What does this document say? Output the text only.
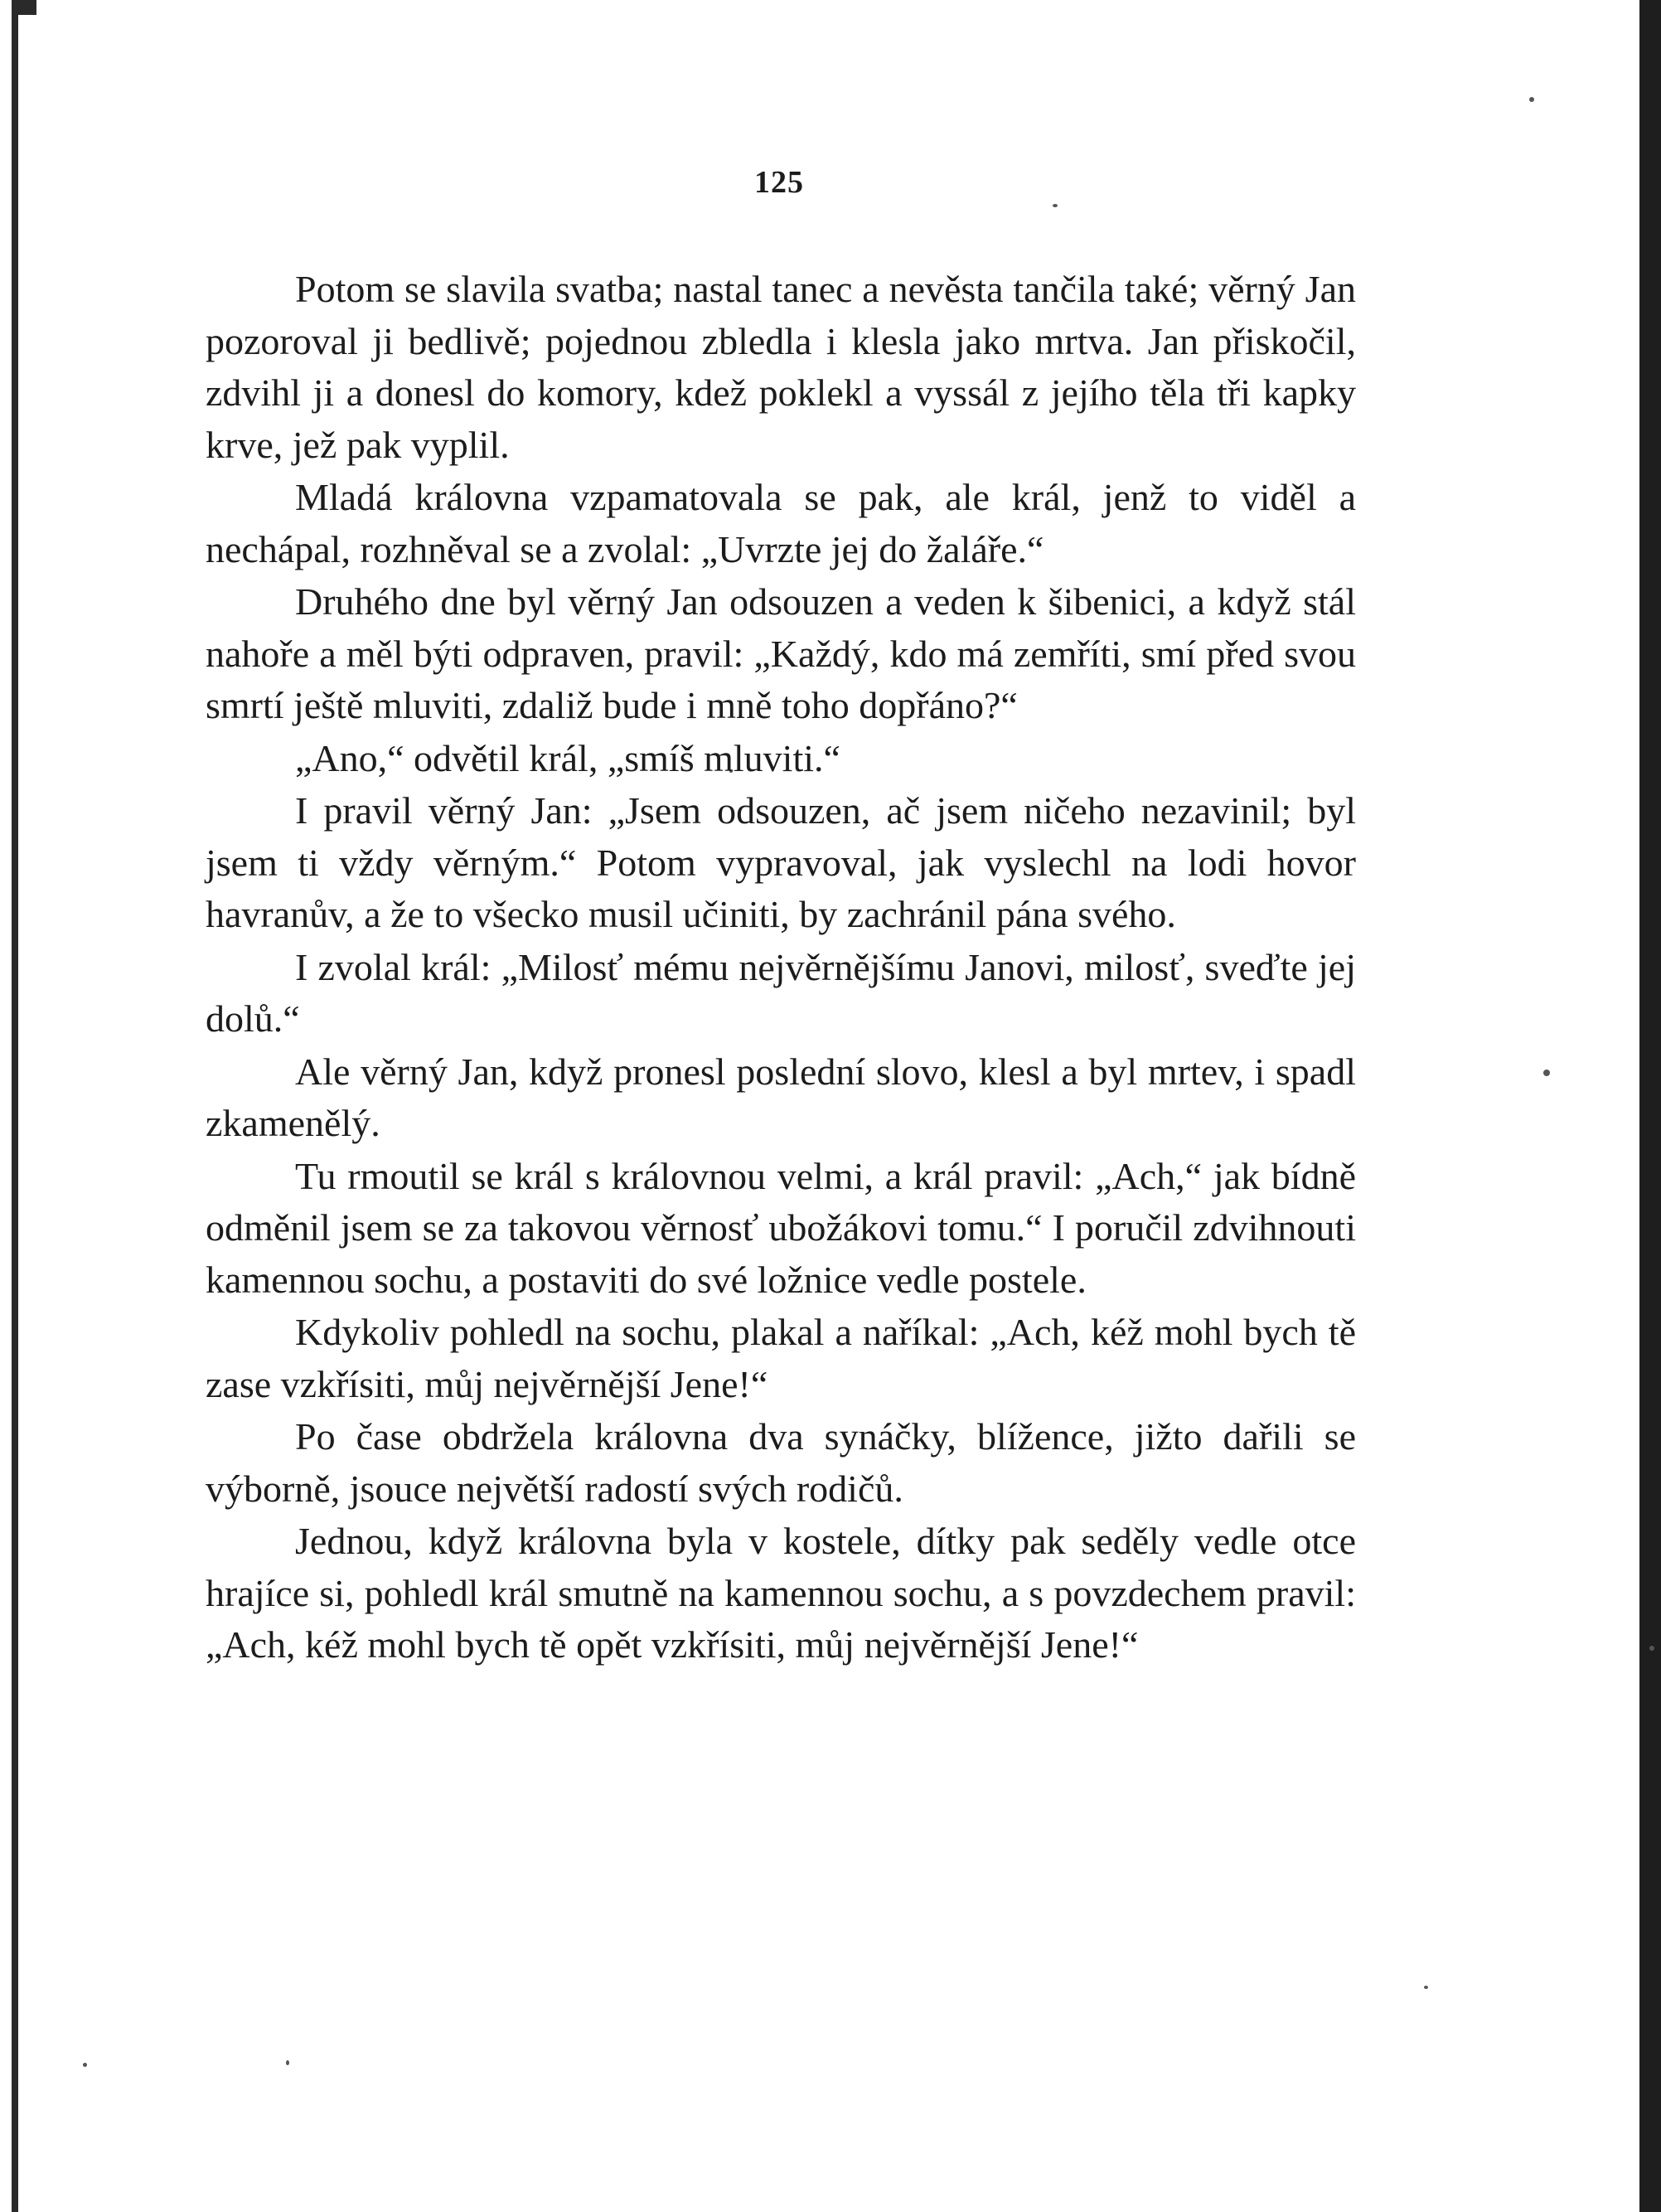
125

Potom se slavila svatba; nastal tanec a nevěsta tančila také; věrný Jan pozoroval ji bedlivě; pojednou zbledla i klesla jako mrtva. Jan přiskočil, zdvihl ji a donesl do komory, kdež poklekl a vyssál z jejího těla tři kapky krve, jež pak vyplil.

Mladá královna vzpamatovala se pak, ale král, jenž to viděl a nechápal, rozhněval se a zvolal: „Uvrzte jej do žaláře.“

Druhého dne byl věrný Jan odsouzen a veden k šibenici, a když stál nahoře a měl býti odpraven, pravil: „Každý, kdo má zemříti, smí před svou smrtí ještě mluviti, zdaliž bude i mně toho dopřáno?“

„Ano,“ odvětil král, „smíš mluviti.“

I pravil věrný Jan: „Jsem odsouzen, ač jsem ničeho nezavinil; byl jsem ti vždy věrným.“ Potom vypravoval, jak vyslechl na lodi hovor havranův, a že to všecko musil učiniti, by zachránil pána svého.

I zvolal král: „Milosť mému nejvěrnějšímu Janovi, milosť, sveďte jej dolů.“

Ale věrný Jan, když pronesl poslední slovo, klesl a byl mrtev, i spadl zkamenělý.

Tu rmoutil se král s královnou velmi, a král pravil: „Ach,“ jak bídně odměnil jsem se za takovou věrnosť ubožákovi tomu.“ I poručil zdvihnouti kamennou sochu, a postaviti do své ložnice vedle postele.

Kdykoliv pohledl na sochu, plakal a naříkal: „Ach, kéž mohl bych tě zase vzkřísiti, můj nejvěrnější Jene!“

Po čase obdržela královna dva synáčky, blížence, jižto dařili se výborně, jsouce největší radostí svých rodičů.

Jednou, když královna byla v kostele, dítky pak seděly vedle otce hrajíce si, pohledl král smutně na kamennou sochu, a s povzdechem pravil: „Ach, kéž mohl bych tě opět vzkřísiti, můj nejvěrnější Jene!“
